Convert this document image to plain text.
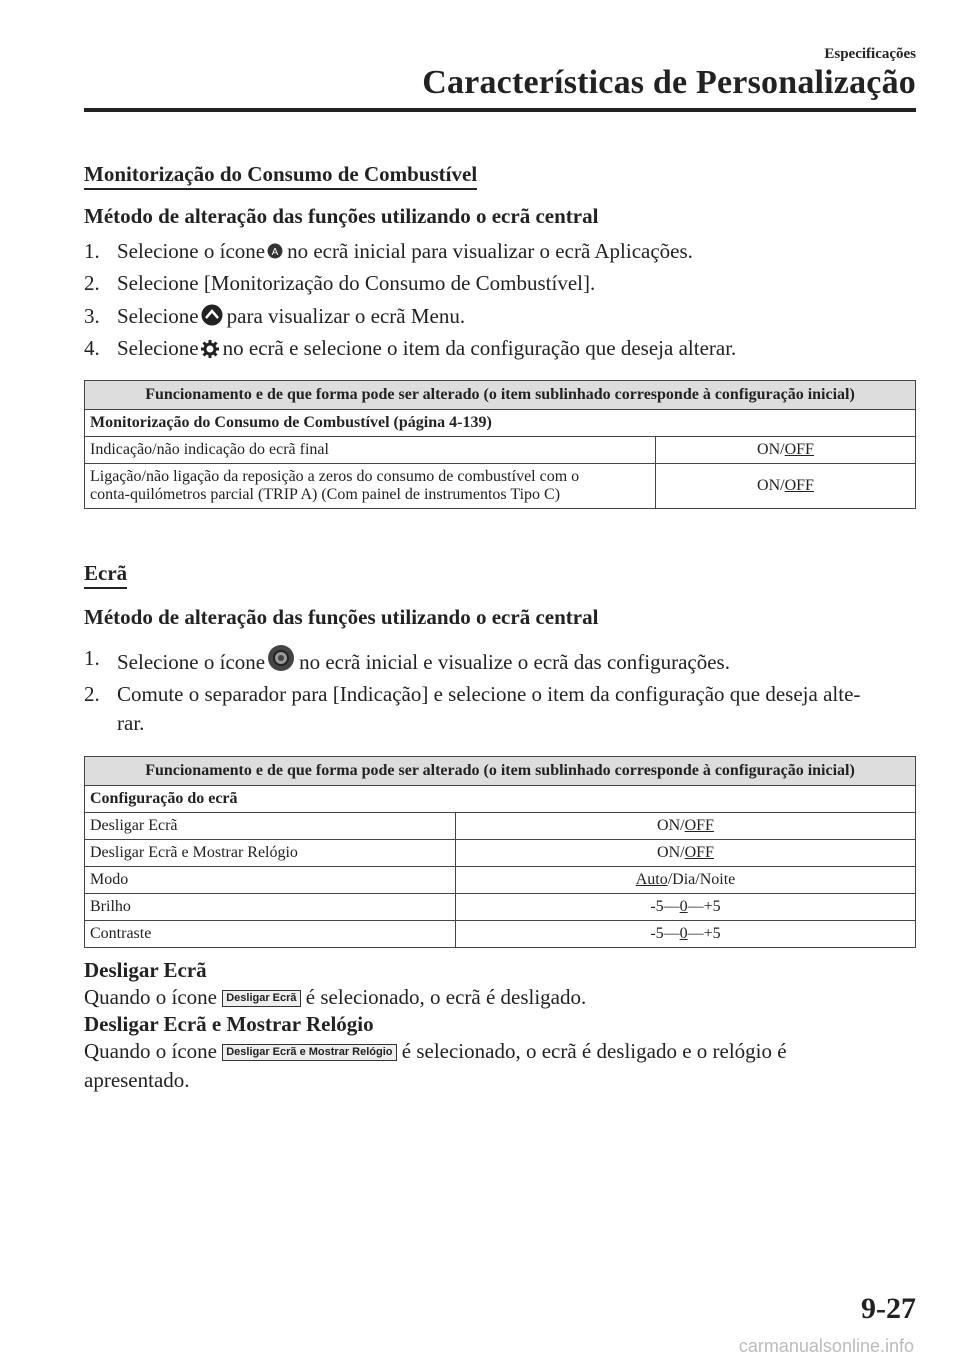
Especificações
Características de Personalização
Monitorização do Consumo de Combustível
Método de alteração das funções utilizando o ecrã central
1. Selecione o ícone A no ecrã inicial para visualizar o ecrã Aplicações.
2. Selecione [Monitorização do Consumo de Combustível].
3. Selecione para visualizar o ecrã Menu.
4. Selecione no ecrã e selecione o item da configuração que deseja alterar.
Funcionamento e de que forma pode ser alterado (o item sublinhado corresponde à configuração inicial)	
Monitorização do Consumo de Combustível (página 4-139)	
Indicação/não indicação do ecrã final	ON/OFF
Ligação/não ligação da reposição a zeros do consumo de combustível com o
conta-quilómetros parcial (TRIP A) (Com painel de instrumentos Tipo C)	ON/OFF
Ecrã
Método de alteração das funções utilizando o ecrã central
1. Selecione o ícone no ecrã inicial e visualize o ecrã das configurações.
2. Comute o separador para [Indicação] e selecione o item da configuração que deseja alte-
rar.
Funcionamento e de que forma pode ser alterado (o item sublinhado corresponde à configuração inicial)	
Configuração do ecrã	
Desligar Ecrã	ON/OFF
Desligar Ecrã e Mostrar Relógio	ON/OFF
Modo	Auto/Dia/Noite
Brilho	-5—0—+5
Contraste	-5—0—+5
Desligar Ecrã
Quando o ícone Desligar Ecrã é selecionado, o ecrã é desligado.
Desligar Ecrã e Mostrar Relógio
Quando o ícone Desligar Ecrã e Mostrar Relógio é selecionado, o ecrã é desligado e o relógio é
apresentado.
9-27
carmanualsonline.info
